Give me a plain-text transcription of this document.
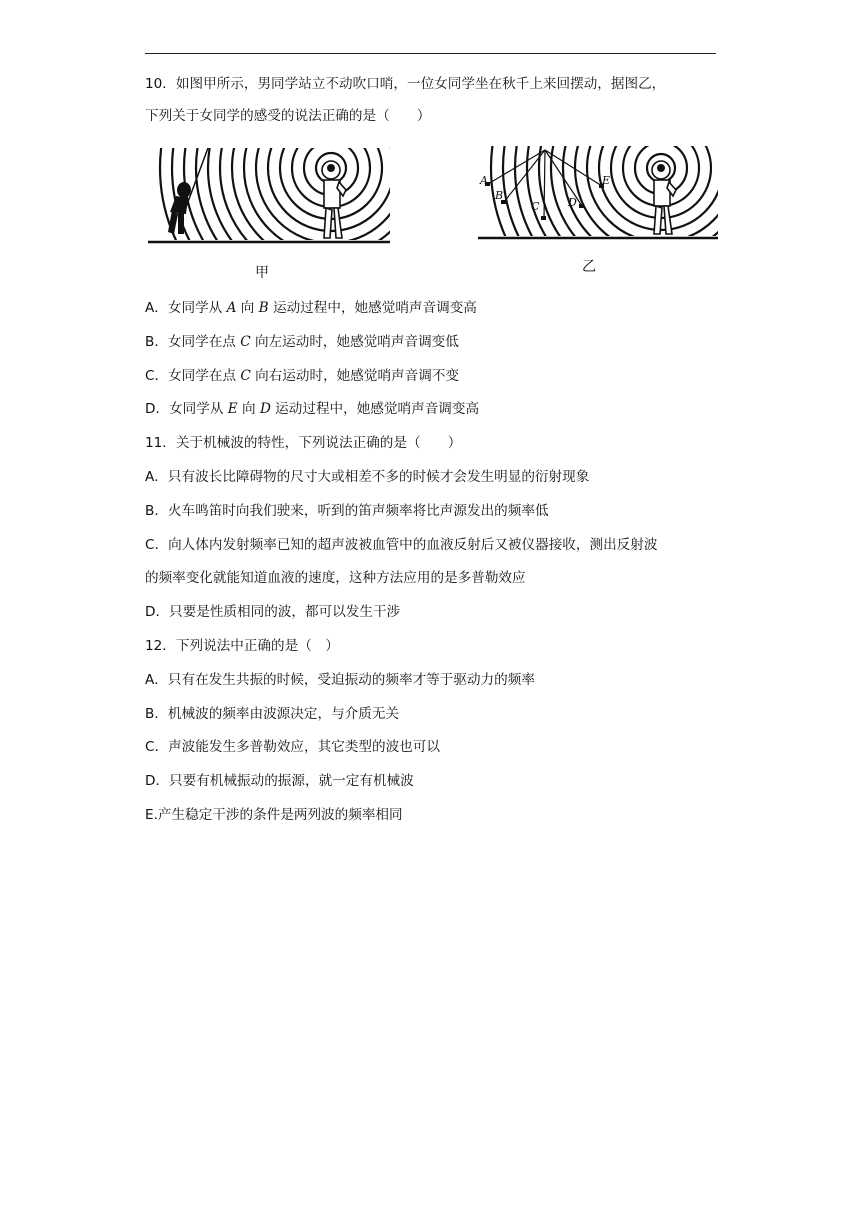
10．如图甲所示，男同学站立不动吹口哨，一位女同学坐在秋千上来回摆动，据图乙，
下列关于女同学的感受的说法正确的是（　　）
甲
A
B
C	D
E
乙
A．女同学从 A 向 B 运动过程中，她感觉哨声音调变高
B．女同学在点 C 向左运动时，她感觉哨声音调变低
C．女同学在点 C 向右运动时，她感觉哨声音调不变
D．女同学从 E 向 D 运动过程中，她感觉哨声音调变高
11．关于机械波的特性，下列说法正确的是（　　）
A．只有波长比障碍物的尺寸大或相差不多的时候才会发生明显的衍射现象
B．火车鸣笛时向我们驶来，听到的笛声频率将比声源发出的频率低
C．向人体内发射频率已知的超声波被血管中的血液反射后又被仪器接收，测出反射波
的频率变化就能知道血液的速度，这种方法应用的是多普勒效应
D．只要是性质相同的波，都可以发生干涉
12．下列说法中正确的是（　）
A．只有在发生共振的时候，受迫振动的频率才等于驱动力的频率
B．机械波的频率由波源决定，与介质无关
C．声波能发生多普勒效应，其它类型的波也可以
D．只要有机械振动的振源，就一定有机械波
E.产生稳定干涉的条件是两列波的频率相同
